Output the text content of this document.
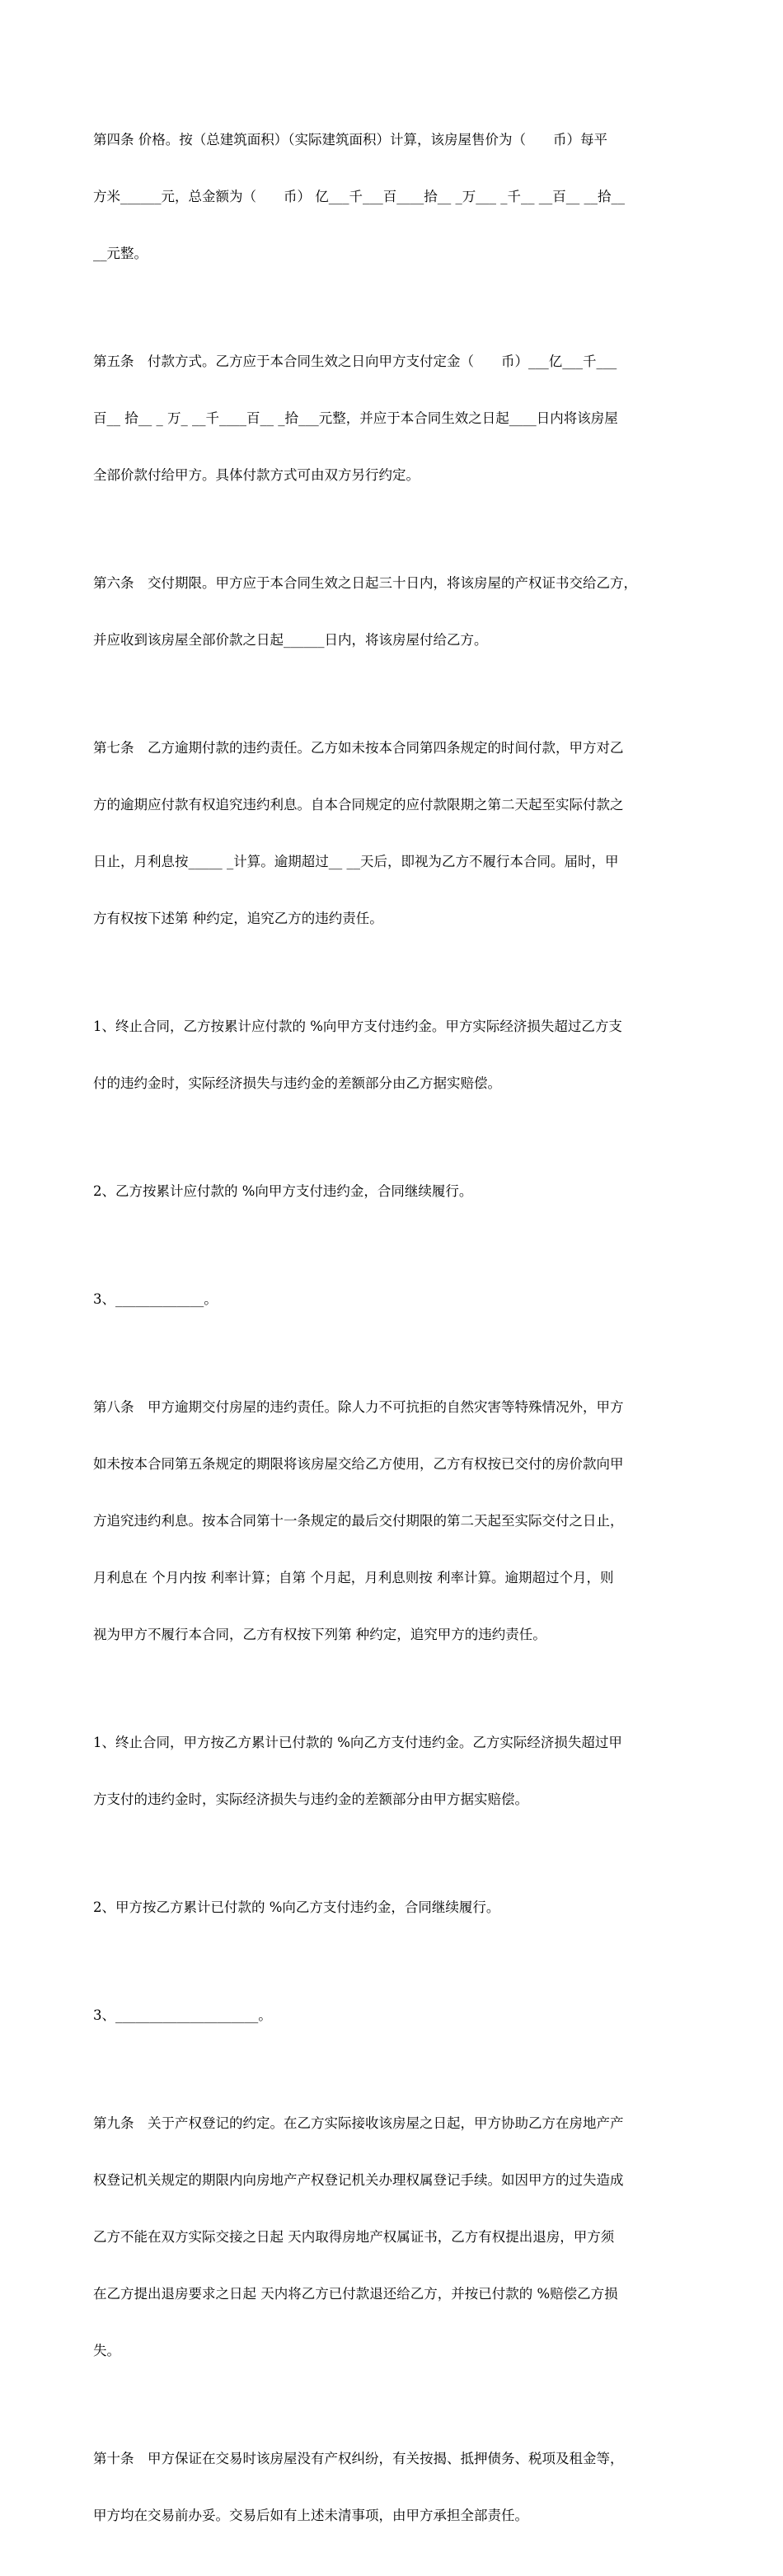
第四条 价格。按（总建筑面积）（实际建筑面积）计算，该房屋售价为（　　币）每平

方米______元，总金额为（　　币） 亿___千___百____拾__ _万___ _千__ __百__ __拾__

__元整。

第五条　付款方式。乙方应于本合同生效之日向甲方支付定金（　　币）___亿___千___

百__ 拾__ _ 万_ __千____百__ _拾___元整，并应于本合同生效之日起____日内将该房屋

全部价款付给甲方。具体付款方式可由双方另行约定。

第六条　交付期限。甲方应于本合同生效之日起三十日内，将该房屋的产权证书交给乙方，

并应收到该房屋全部价款之日起______日内，将该房屋付给乙方。

第七条　乙方逾期付款的违约责任。乙方如未按本合同第四条规定的时间付款，甲方对乙

方的逾期应付款有权追究违约利息。自本合同规定的应付款限期之第二天起至实际付款之

日止，月利息按_____ _计算。逾期超过__ __天后，即视为乙方不履行本合同。届时，甲

方有权按下述第 种约定，追究乙方的违约责任。

1、终止合同，乙方按累计应付款的 %向甲方支付违约金。甲方实际经济损失超过乙方支

付的违约金时，实际经济损失与违约金的差额部分由乙方据实赔偿。

2、乙方按累计应付款的 %向甲方支付违约金，合同继续履行。

3、_____________。

第八条　甲方逾期交付房屋的违约责任。除人力不可抗拒的自然灾害等特殊情况外，甲方

如未按本合同第五条规定的期限将该房屋交给乙方使用，乙方有权按已交付的房价款向甲

方追究违约利息。按本合同第十一条规定的最后交付期限的第二天起至实际交付之日止，

月利息在 个月内按 利率计算；自第 个月起，月利息则按 利率计算。逾期超过个月，则

视为甲方不履行本合同，乙方有权按下列第 种约定，追究甲方的违约责任。

1、终止合同，甲方按乙方累计已付款的 %向乙方支付违约金。乙方实际经济损失超过甲

方支付的违约金时，实际经济损失与违约金的差额部分由甲方据实赔偿。

2、甲方按乙方累计已付款的 %向乙方支付违约金，合同继续履行。

3、_____________________。

第九条　关于产权登记的约定。在乙方实际接收该房屋之日起，甲方协助乙方在房地产产

权登记机关规定的期限内向房地产产权登记机关办理权属登记手续。如因甲方的过失造成

乙方不能在双方实际交接之日起 天内取得房地产权属证书，乙方有权提出退房，甲方须

在乙方提出退房要求之日起 天内将乙方已付款退还给乙方，并按已付款的 %赔偿乙方损

失。

第十条　甲方保证在交易时该房屋没有产权纠纷，有关按揭、抵押债务、税项及租金等，

甲方均在交易前办妥。交易后如有上述未清事项，由甲方承担全部责任。
